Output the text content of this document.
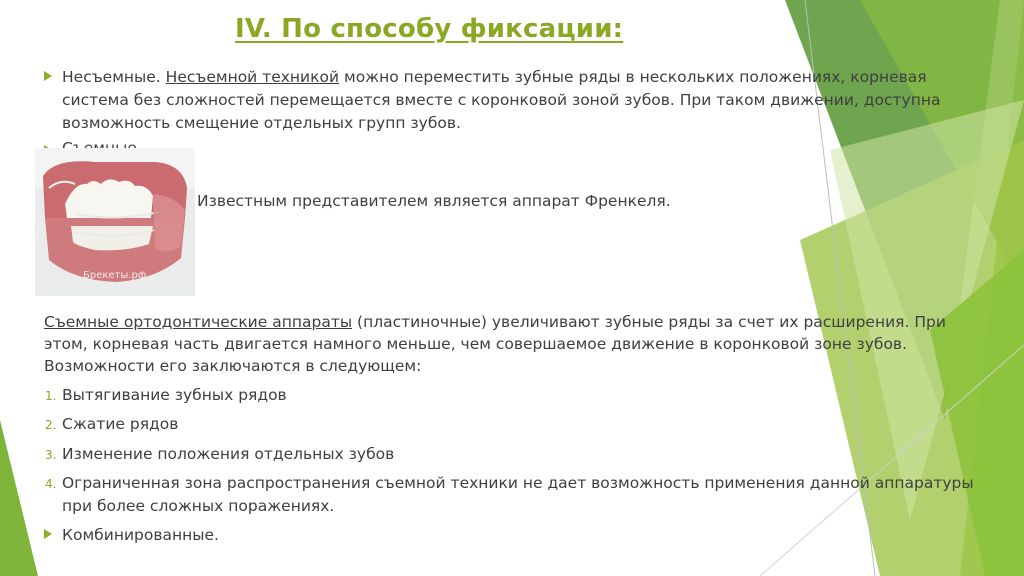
IV. По способу фиксации:
Несъемные. Несъемной техникой можно переместить зубные ряды в нескольких положениях, корневая
система без сложностей перемещается вместе с коронковой зоной зубов. При таком движении, доступна
возможность смещение отдельных групп зубов.
Брекеты.рф
Известным представителем является аппарат Френкеля.
Съемные ортодонтические аппараты (пластиночные) увеличивают зубные ряды за счет их расширения. При
этом, корневая часть двигается намного меньше, чем совершаемое движение в коронковой зоне зубов.
Возможности его заключаются в следующем:
1. Вытягивание зубных рядов
2. Сжатие рядов
3. Изменение положения отдельных зубов
4. Ограниченная зона распространения съемной техники не дает возможность применения данной аппаратуры
при более сложных поражениях.
Комбинированные.
